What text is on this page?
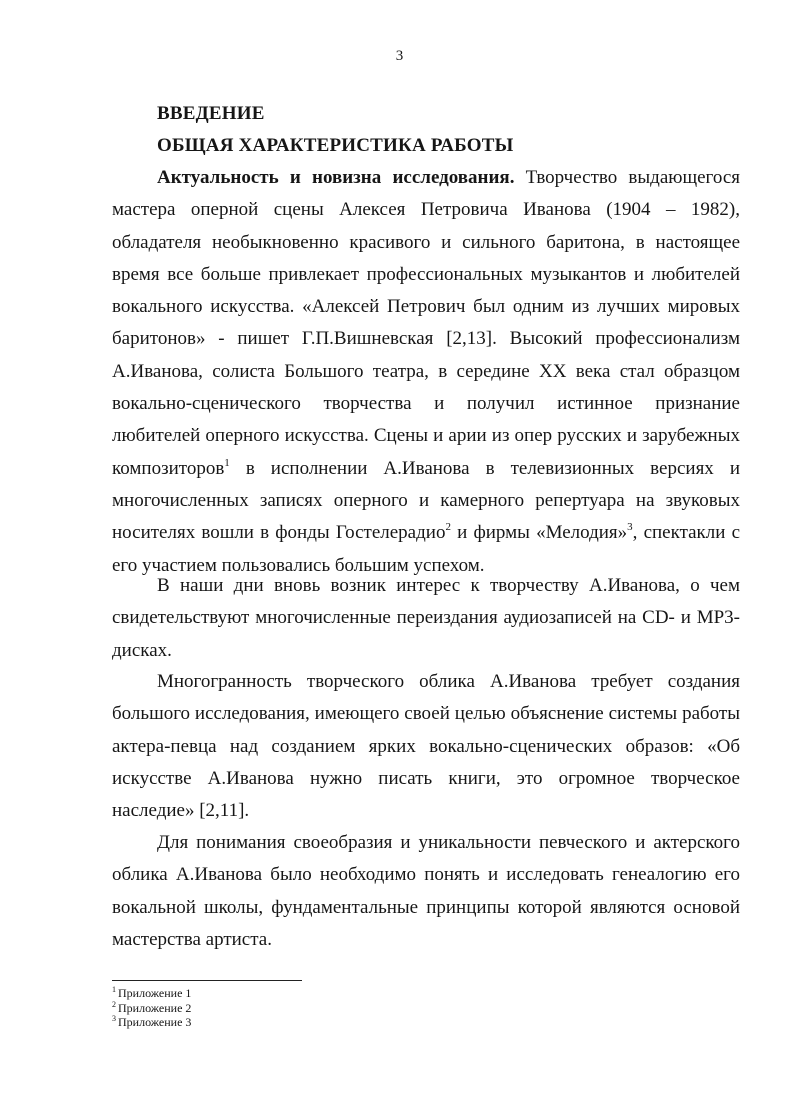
3
ВВЕДЕНИЕ
ОБЩАЯ ХАРАКТЕРИСТИКА РАБОТЫ

Актуальность и новизна исследования. Творчество выдающегося мастера оперной сцены Алексея Петровича Иванова (1904 – 1982), обладателя необыкновенно красивого и сильного баритона, в настоящее время все больше привлекает профессиональных музыкантов и любителей вокального искусства. «Алексей Петрович был одним из лучших мировых баритонов» - пишет Г.П.Вишневская [2,13]. Высокий профессионализм А.Иванова, солиста Большого театра, в середине XX века стал образцом вокально-сценического творчества и получил истинное признание любителей оперного искусства. Сцены и арии из опер русских и зарубежных композиторов$^1$ в исполнении А.Иванова в телевизионных версиях и многочисленных записях оперного и камерного репертуара на звуковых носителях вошли в фонды Гостелерадио$^2$ и фирмы «Мелодия»$^3$, спектакли с его участием пользовались большим успехом.

В наши дни вновь возник интерес к творчеству А.Иванова, о чем свидетельствуют многочисленные переиздания аудиозаписей на CD- и MP3-дисках.

Многогранность творческого облика А.Иванова требует создания большого исследования, имеющего своей целью объяснение системы работы актера-певца над созданием ярких вокально-сценических образов: «Об искусстве А.Иванова нужно писать книги, это огромное творческое наследие» [2,11].

Для понимания своеобразия и уникальности певческого и актерского облика А.Иванова было необходимо понять и исследовать генеалогию его вокальной школы, фундаментальные принципы которой являются основой мастерства артиста.

$^1$ Приложение 1
$^2$ Приложение 2
$^3$ Приложение 3
